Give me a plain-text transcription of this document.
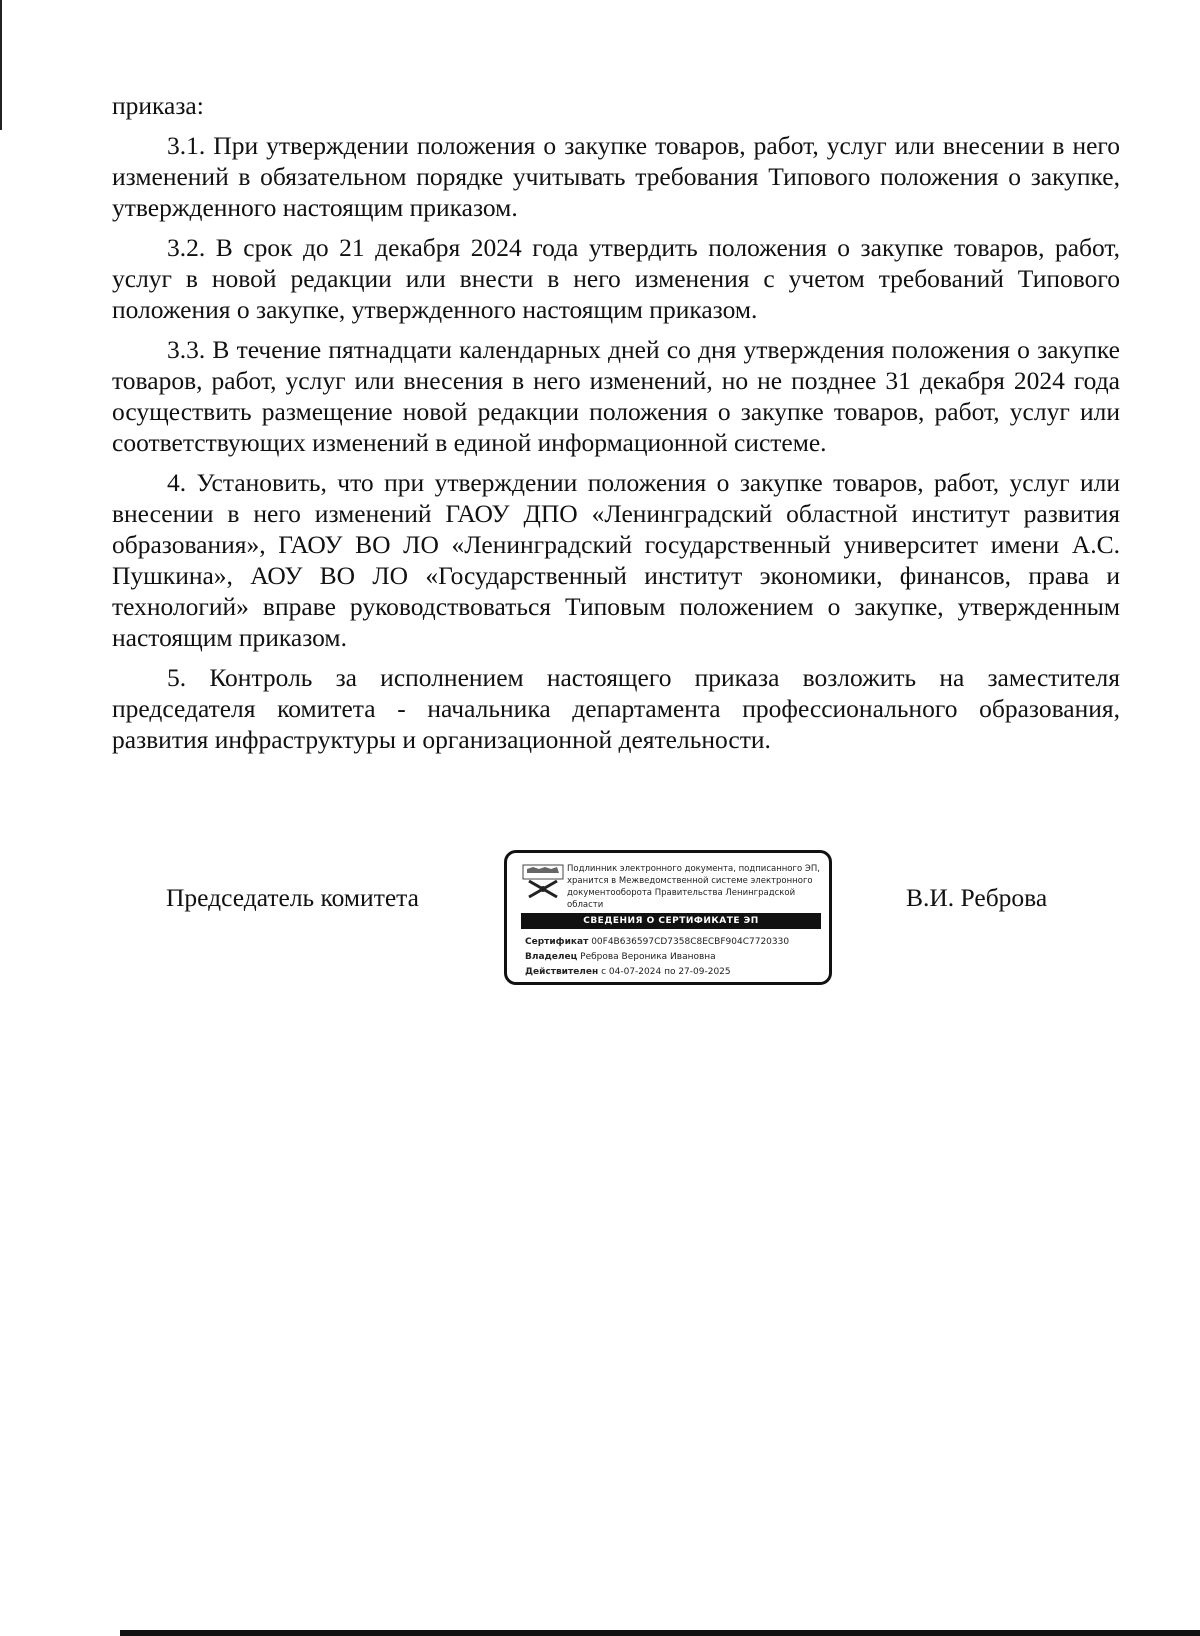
приказа:

3.1. При утверждении положения о закупке товаров, работ, услуг или внесении в него изменений в обязательном порядке учитывать требования Типового положения о закупке, утвержденного настоящим приказом.

3.2. В срок до 21 декабря 2024 года утвердить положения о закупке товаров, работ, услуг в новой редакции или внести в него изменения с учетом требований Типового положения о закупке, утвержденного настоящим приказом.

3.3. В течение пятнадцати календарных дней со дня утверждения положения о закупке товаров, работ, услуг или внесения в него изменений, но не позднее 31 декабря 2024 года осуществить размещение новой редакции положения о закупке товаров, работ, услуг или соответствующих изменений в единой информационной системе.

4. Установить, что при утверждении положения о закупке товаров, работ, услуг или внесении в него изменений ГАОУ ДПО «Ленинградский областной институт развития образования», ГАОУ ВО ЛО «Ленинградский государственный университет имени А.С. Пушкина», АОУ ВО ЛО «Государственный институт экономики, финансов, права и технологий» вправе руководствоваться Типовым положением о закупке, утвержденным настоящим приказом.

5. Контроль за исполнением настоящего приказа возложить на заместителя председателя комитета - начальника департамента профессионального образования, развития инфраструктуры и организационной деятельности.

Председатель комитета
Подлинник электронного документа, подписанного ЭП, хранится в Межведомственной системе электронного документооборота Правительства Ленинградской области
СВЕДЕНИЯ О СЕРТИФИКАТЕ ЭП
Сертификат 00F4B636597CD7358C8ECBF904C7720330
Владелец Реброва Вероника Ивановна
Действителен с 04-07-2024 по 27-09-2025
В.И. Реброва
